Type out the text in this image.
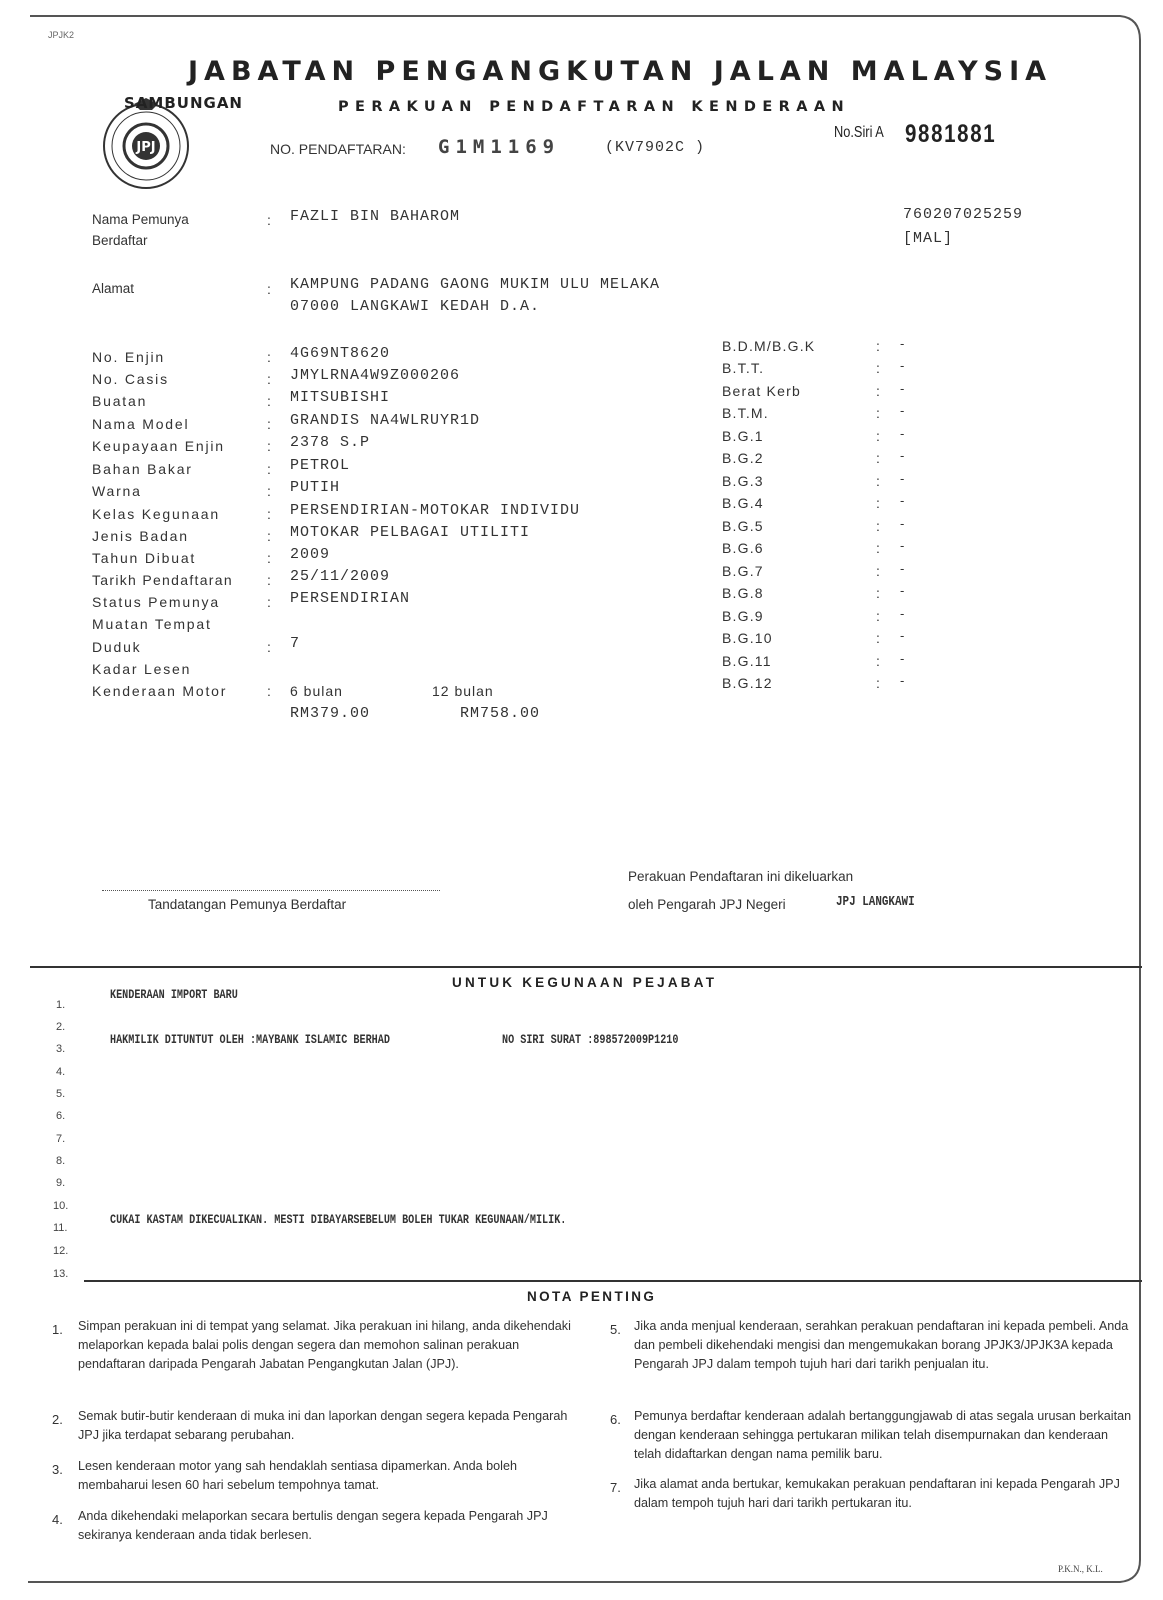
JPJK2
JPJ
JABATAN PENGANGKUTAN JALAN MALAYSIA
SAMBUNGAN	PERAKUAN PENDAFTARAN KENDERAAN
NO. PENDAFTARAN: G1M1169	(KV7902C )
No.Siri A 9881881
Nama Pemunya
Berdaftar
: FAZLI BIN BAHAROM	760207025259
[MAL]
Alamat	: KAMPUNG PADANG GAONG MUKIM ULU MELAKA
07000 LANGKAWI KEDAH D.A.
No. Enjin	: 4G69NT8620
No. Casis	: JMYLRNA4W9Z000206
Buatan	: MITSUBISHI
Nama Model	: GRANDIS NA4WLRUYR1D
Keupayaan Enjin	: 2378 S.P
Bahan Bakar	: PETROL
Warna	: PUTIH
Kelas Kegunaan	: PERSENDIRIAN-MOTOKAR INDIVIDU
Jenis Badan	: MOTOKAR PELBAGAI UTILITI
Tahun Dibuat	: 2009
Tarikh Pendaftaran : 25/11/2009
Status Pemunya	: PERSENDIRIAN
Muatan Tempat
Duduk	: 7
Kadar Lesen
Kenderaan Motor	: 6 bulan	12 bulan
RM379.00	RM758.00
B.D.M/B.G.K	: -
B.T.T.	: -
Berat Kerb	: -
B.T.M.	: -
B.G.1	: -
B.G.2	: -
B.G.3	: -
B.G.4	: -
B.G.5	: -
B.G.6	: -
B.G.7	: -
B.G.8	: -
B.G.9	: -
B.G.10	: -
B.G.11	: -
B.G.12	: -
Tandatangan Pemunya Berdaftar
Perakuan Pendaftaran ini dikeluarkan
oleh Pengarah JPJ Negeri	JPJ LANGKAWI
UNTUK KEGUNAAN PEJABAT
1.
2.
3.
4.
5.
6.
7.
8.
9.
10.
11.
12.
13.
KENDERAAN IMPORT BARU
HAKMILIK DITUNTUT OLEH :MAYBANK ISLAMIC BERHAD	NO SIRI SURAT :898572009P1210
CUKAI KASTAM DIKECUALIKAN. MESTI DIBAYARSEBELUM BOLEH TUKAR KEGUNAAN/MILIK.
NOTA PENTING
1. Simpan perakuan ini di tempat yang selamat. Jika perakuan ini hilang, anda dikehendaki melaporkan kepada balai polis dengan segera dan memohon salinan perakuan pendaftaran daripada Pengarah Jabatan Pengangkutan Jalan (JPJ).
2. Semak butir-butir kenderaan di muka ini dan laporkan dengan segera kepada Pengarah JPJ jika terdapat sebarang perubahan.
3. Lesen kenderaan motor yang sah hendaklah sentiasa dipamerkan. Anda boleh membaharui lesen 60 hari sebelum tempohnya tamat.
4. Anda dikehendaki melaporkan secara bertulis dengan segera kepada Pengarah JPJ sekiranya kenderaan anda tidak berlesen.
5. Jika anda menjual kenderaan, serahkan perakuan pendaftaran ini kepada pembeli. Anda dan pembeli dikehendaki mengisi dan mengemukakan borang JPJK3/JPJK3A kepada Pengarah JPJ dalam tempoh tujuh hari dari tarikh penjualan itu.
6. Pemunya berdaftar kenderaan adalah bertanggungjawab di atas segala urusan berkaitan dengan kenderaan sehingga pertukaran milikan telah disempurnakan dan kenderaan telah didaftarkan dengan nama pemilik baru.
7. Jika alamat anda bertukar, kemukakan perakuan pendaftaran ini kepada Pengarah JPJ dalam tempoh tujuh hari dari tarikh pertukaran itu.
P.K.N., K.L.
